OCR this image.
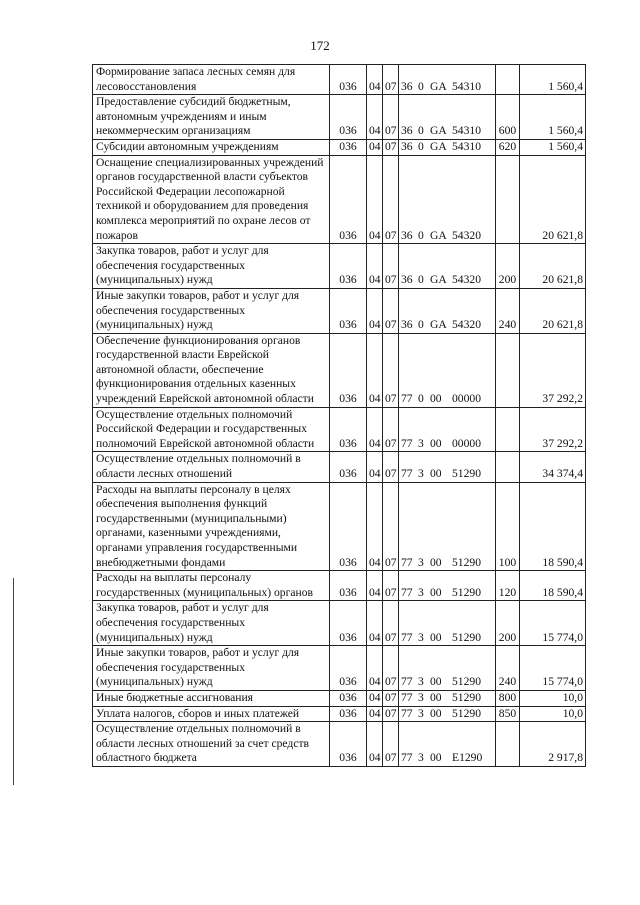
172
Формирование запаса лесных семян для лесовосстановления	036	04	07	36 0 GA 54310		1 560,4
Предоставление субсидий бюджетным, автономным учреждениям и иным некоммерческим организациям	036	04	07	36 0 GA 54310	600	1 560,4
Субсидии автономным учреждениям	036	04	07	36 0 GA 54310	620	1 560,4
Оснащение специализированных учреждений органов государственной власти субъектов Российской Федерации лесопожарной техникой и оборудованием для проведения комплекса мероприятий по охране лесов от пожаров	036	04	07	36 0 GA 54320		20 621,8
Закупка товаров, работ и услуг для обеспечения государственных (муниципальных) нужд	036	04	07	36 0 GA 54320	200	20 621,8
Иные закупки товаров, работ и услуг для обеспечения государственных (муниципальных) нужд	036	04	07	36 0 GA 54320	240	20 621,8
Обеспечение функционирования органов государственной власти Еврейской автономной области, обеспечение функционирования отдельных казенных учреждений Еврейской автономной области	036	04	07	77 0 00 00000		37 292,2
Осуществление отдельных полномочий Российской Федерации и государственных полномочий Еврейской автономной области	036	04	07	77 3 00 00000		37 292,2
Осуществление отдельных полномочий в области лесных отношений	036	04	07	77 3 00 51290		34 374,4
Расходы на выплаты персоналу в целях обеспечения выполнения функций государственными (муниципальными) органами, казенными учреждениями, органами управления государственными внебюджетными фондами	036	04	07	77 3 00 51290	100	18 590,4
Расходы на выплаты персоналу государственных (муниципальных) органов	036	04	07	77 3 00 51290	120	18 590,4
Закупка товаров, работ и услуг для обеспечения государственных (муниципальных) нужд	036	04	07	77 3 00 51290	200	15 774,0
Иные закупки товаров, работ и услуг для обеспечения государственных (муниципальных) нужд	036	04	07	77 3 00 51290	240	15 774,0
Иные бюджетные ассигнования	036	04	07	77 3 00 51290	800	10,0
Уплата налогов, сборов и иных платежей	036	04	07	77 3 00 51290	850	10,0
Осуществление отдельных полномочий в области лесных отношений за счет средств областного бюджета	036	04	07	77 3 00 E1290		2 917,8
